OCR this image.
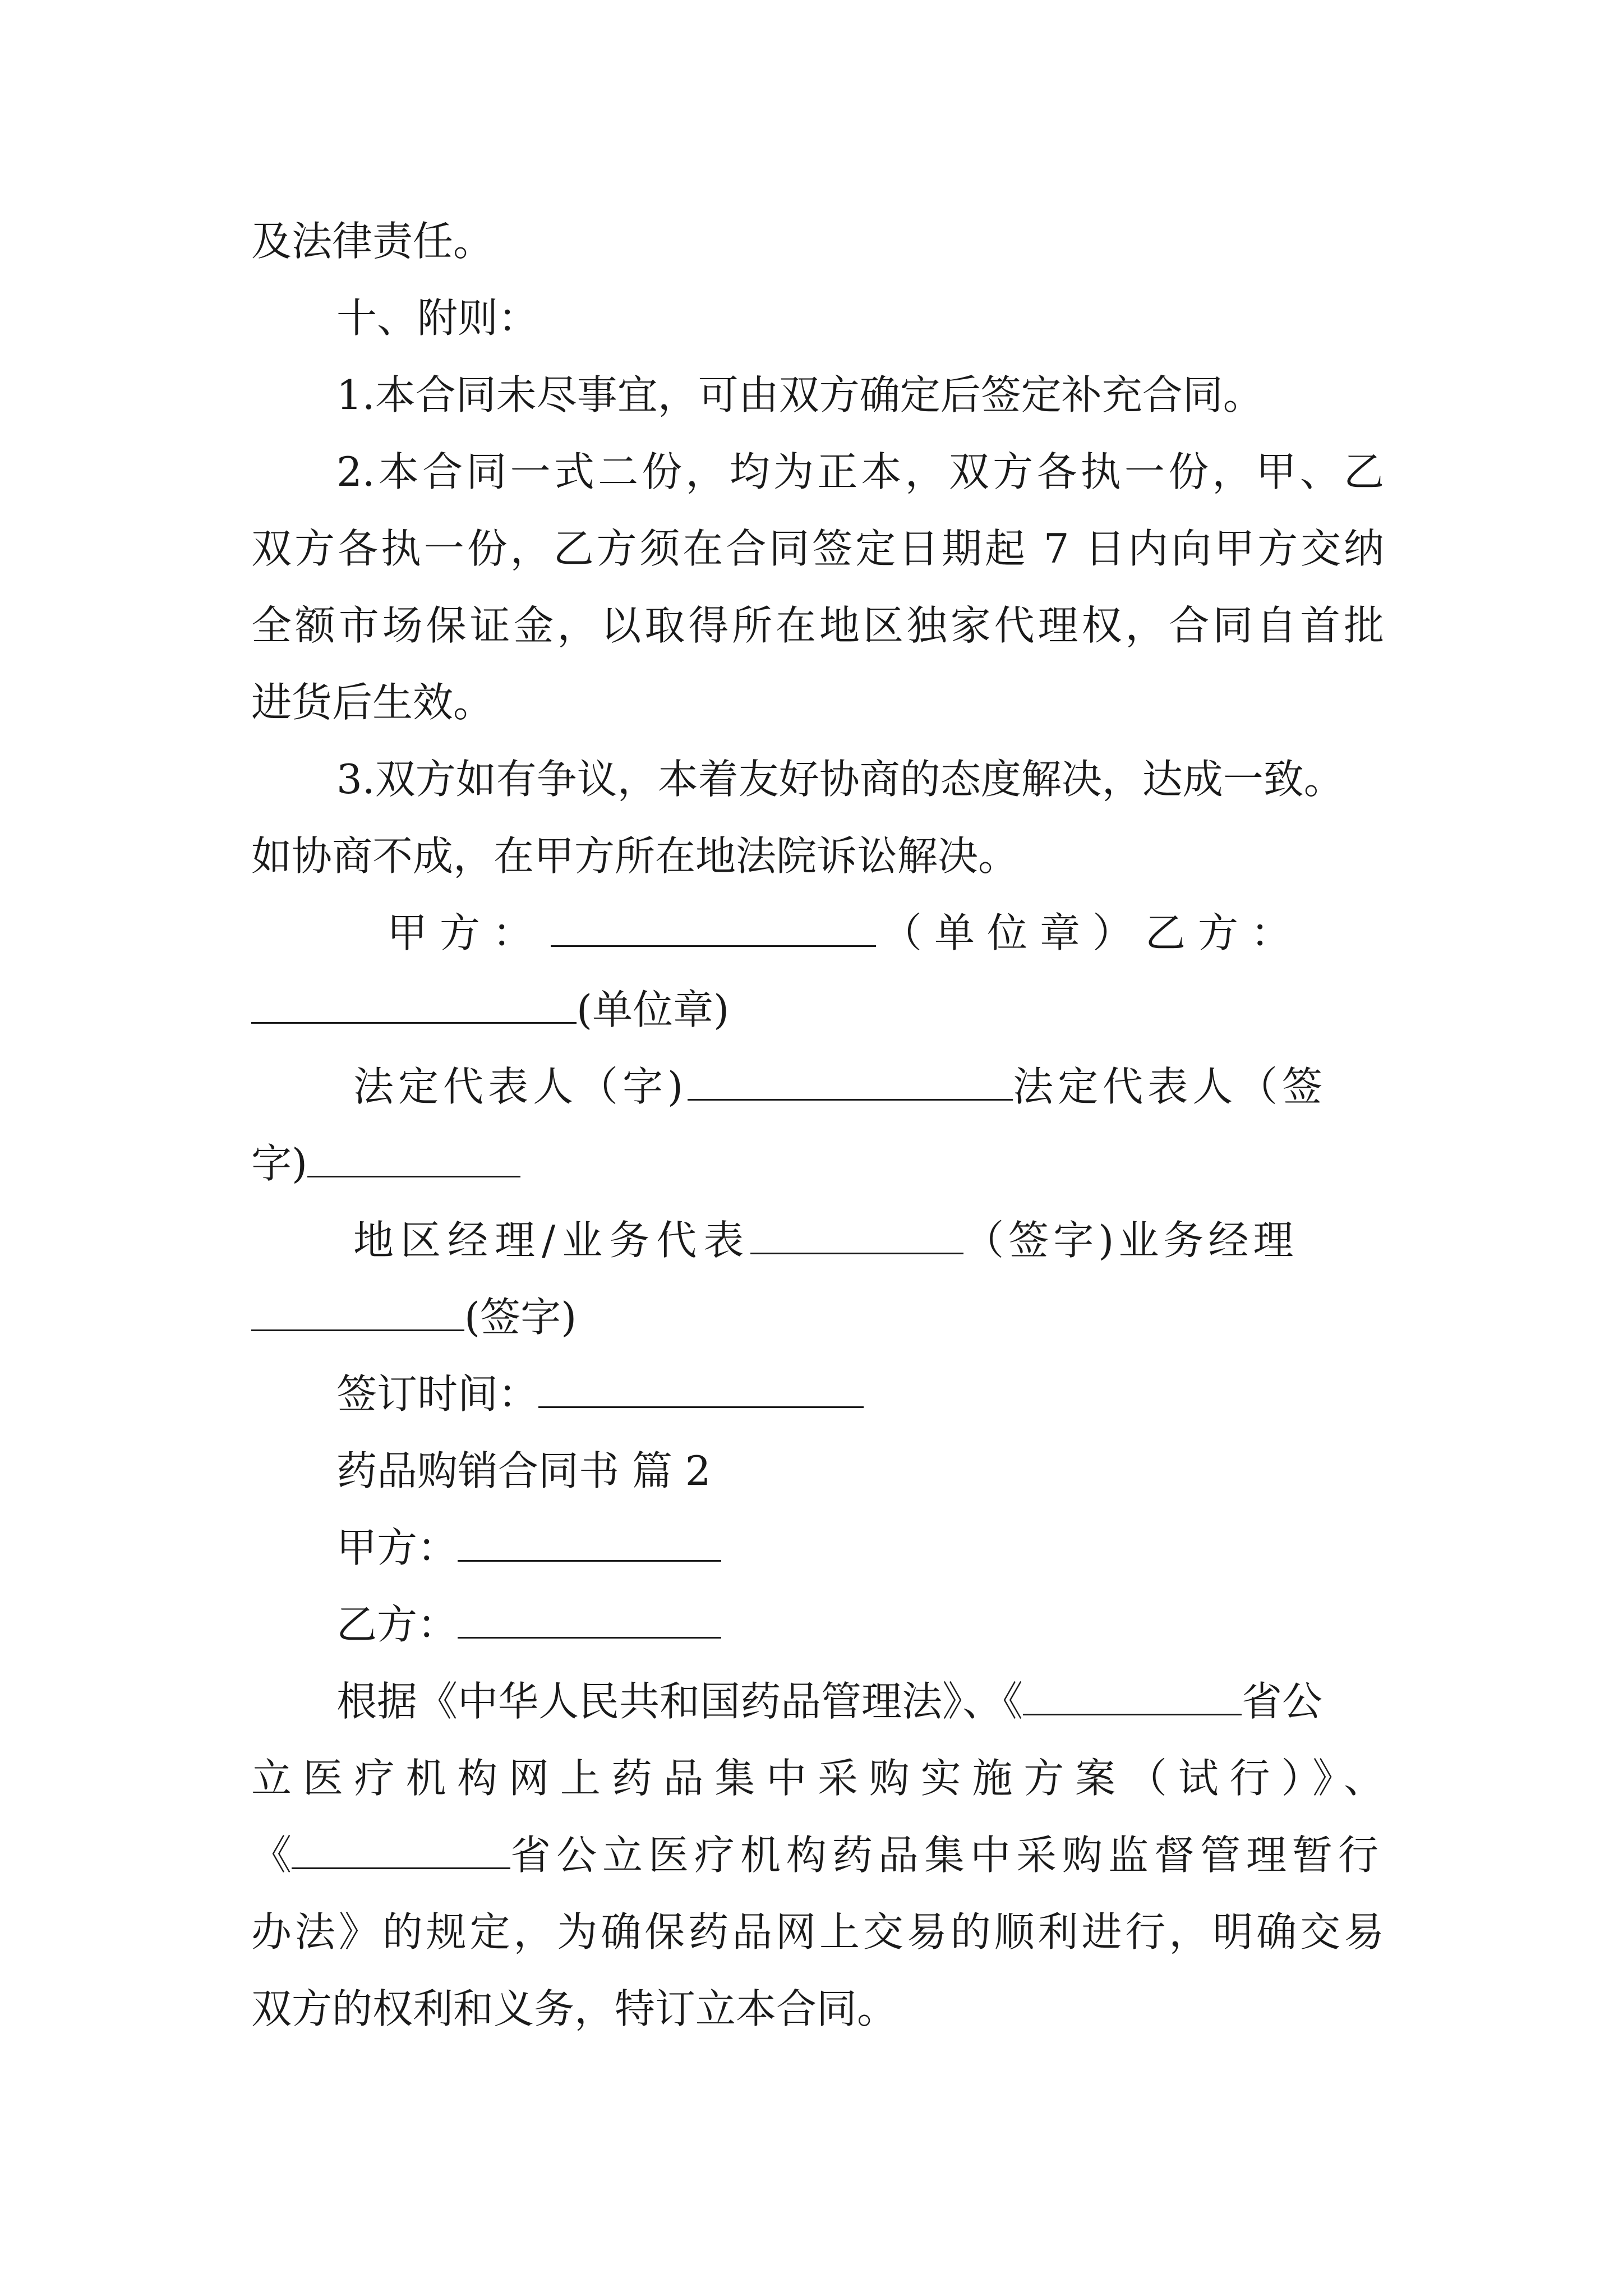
及法律责任。
十、附则：
1.本合同未尽事宜，可由双方确定后签定补充合同。
2.本合同一式二份，均为正本，双方各执一份，甲、乙
双方各执一份，乙方须在合同签定日期起 7 日内向甲方交纳
全额市场保证金，以取得所在地区独家代理权，合同自首批
进货后生效。
3.双方如有争议，本着友好协商的态度解决，达成一致。
如协商不成，在甲方所在地法院诉讼解决。
甲方：	（单位章）乙方：
(单位章)
法定代表人（字)	法定代表人（签
字)
地区经理/业务代表	（签字)业务经理
(签字)
签订时间：
药品购销合同书 篇 2
甲方：
乙方：
根据《中华人民共和国药品管理法》、《	省公
立医疗机构网上药品集中采购实施方案（试行）》、
《	省公立医疗机构药品集中采购监督管理暂行
办法》的规定，为确保药品网上交易的顺利进行，明确交易
双方的权利和义务，特订立本合同。
